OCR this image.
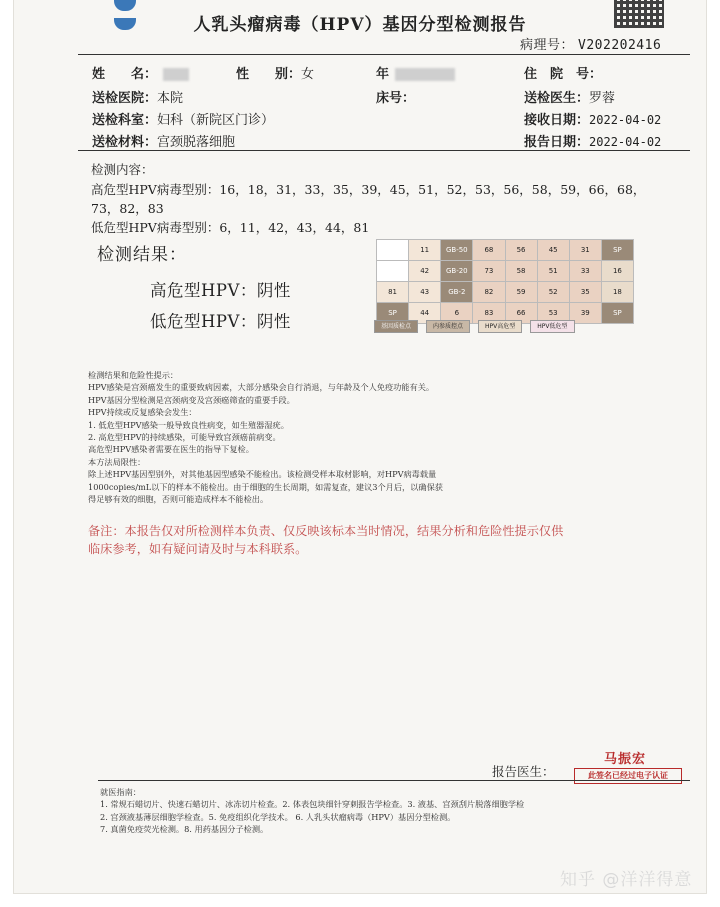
人乳头瘤病毒（HPV）基因分型检测报告
病理号： V202202416
姓　　名：	性　　别：女	年	住　院　号：
送检医院：本院	床号：	送检医生：罗蓉
送检科室：妇科（新院区门诊）	接收日期：2022-04-02
送检材料：宫颈脱落细胞	报告日期：2022-04-02
检测内容：
高危型HPV病毒型别：16，18，31，33，35，39，45，51，52，53，56，58，59，66，68，
73，82，83
低危型HPV病毒型别：6，11，42，43，44，81
检测结果：
高危型HPV：阴性
低危型HPV：阴性
	11	GB-50	68	56	45	31	SP
	42	GB-20	73	58	51	33	16
81	43	GB-2	82	59	52	35	18
SP	44	6	83	66	53	39	SP
基因质检点	内参质控点	HPV高危型	HPV低危型

检测结果和危险性提示：

HPV感染是宫颈癌发生的重要致病因素，大部分感染会自行消退，与年龄及个人免疫功能有关。

HPV基因分型检测是宫颈病变及宫颈癌筛查的重要手段。

HPV持续或反复感染会发生：

1. 低危型HPV感染一般导致良性病变，如生殖器湿疣。

2. 高危型HPV的持续感染，可能导致宫颈癌前病变。

高危型HPV感染者需要在医生的指导下复检。

本方法局限性：

除上述HPV基因型别外，对其他基因型感染不能检出。该检测受样本取材影响，对HPV病毒载量

1000copies/mL以下的样本不能检出。由于细胞的生长周期，如需复查，建议3个月后，以确保获

得足够有效的细胞，否则可能造成样本不能检出。

备注：本报告仅对所检测样本负责、仅反映该标本当时情况，结果分析和危险性提示仅供

临床参考，如有疑问请及时与本科联系。

马振宏
报告医生：	此签名已经过电子认证

就医指南：

1. 常规石蜡切片、快速石蜡切片、冰冻切片检查。2. 体表包块细针穿刺报告学检查。3. 液基、宫颈刮片脱落细胞学检

2. 宫颈液基薄层细胞学检查。5. 免疫组织化学技术。 6. 人乳头状瘤病毒（HPV）基因分型检测。

7. 真菌免疫荧光检测。8. 用药基因分子检测。

知乎 @洋洋得意
